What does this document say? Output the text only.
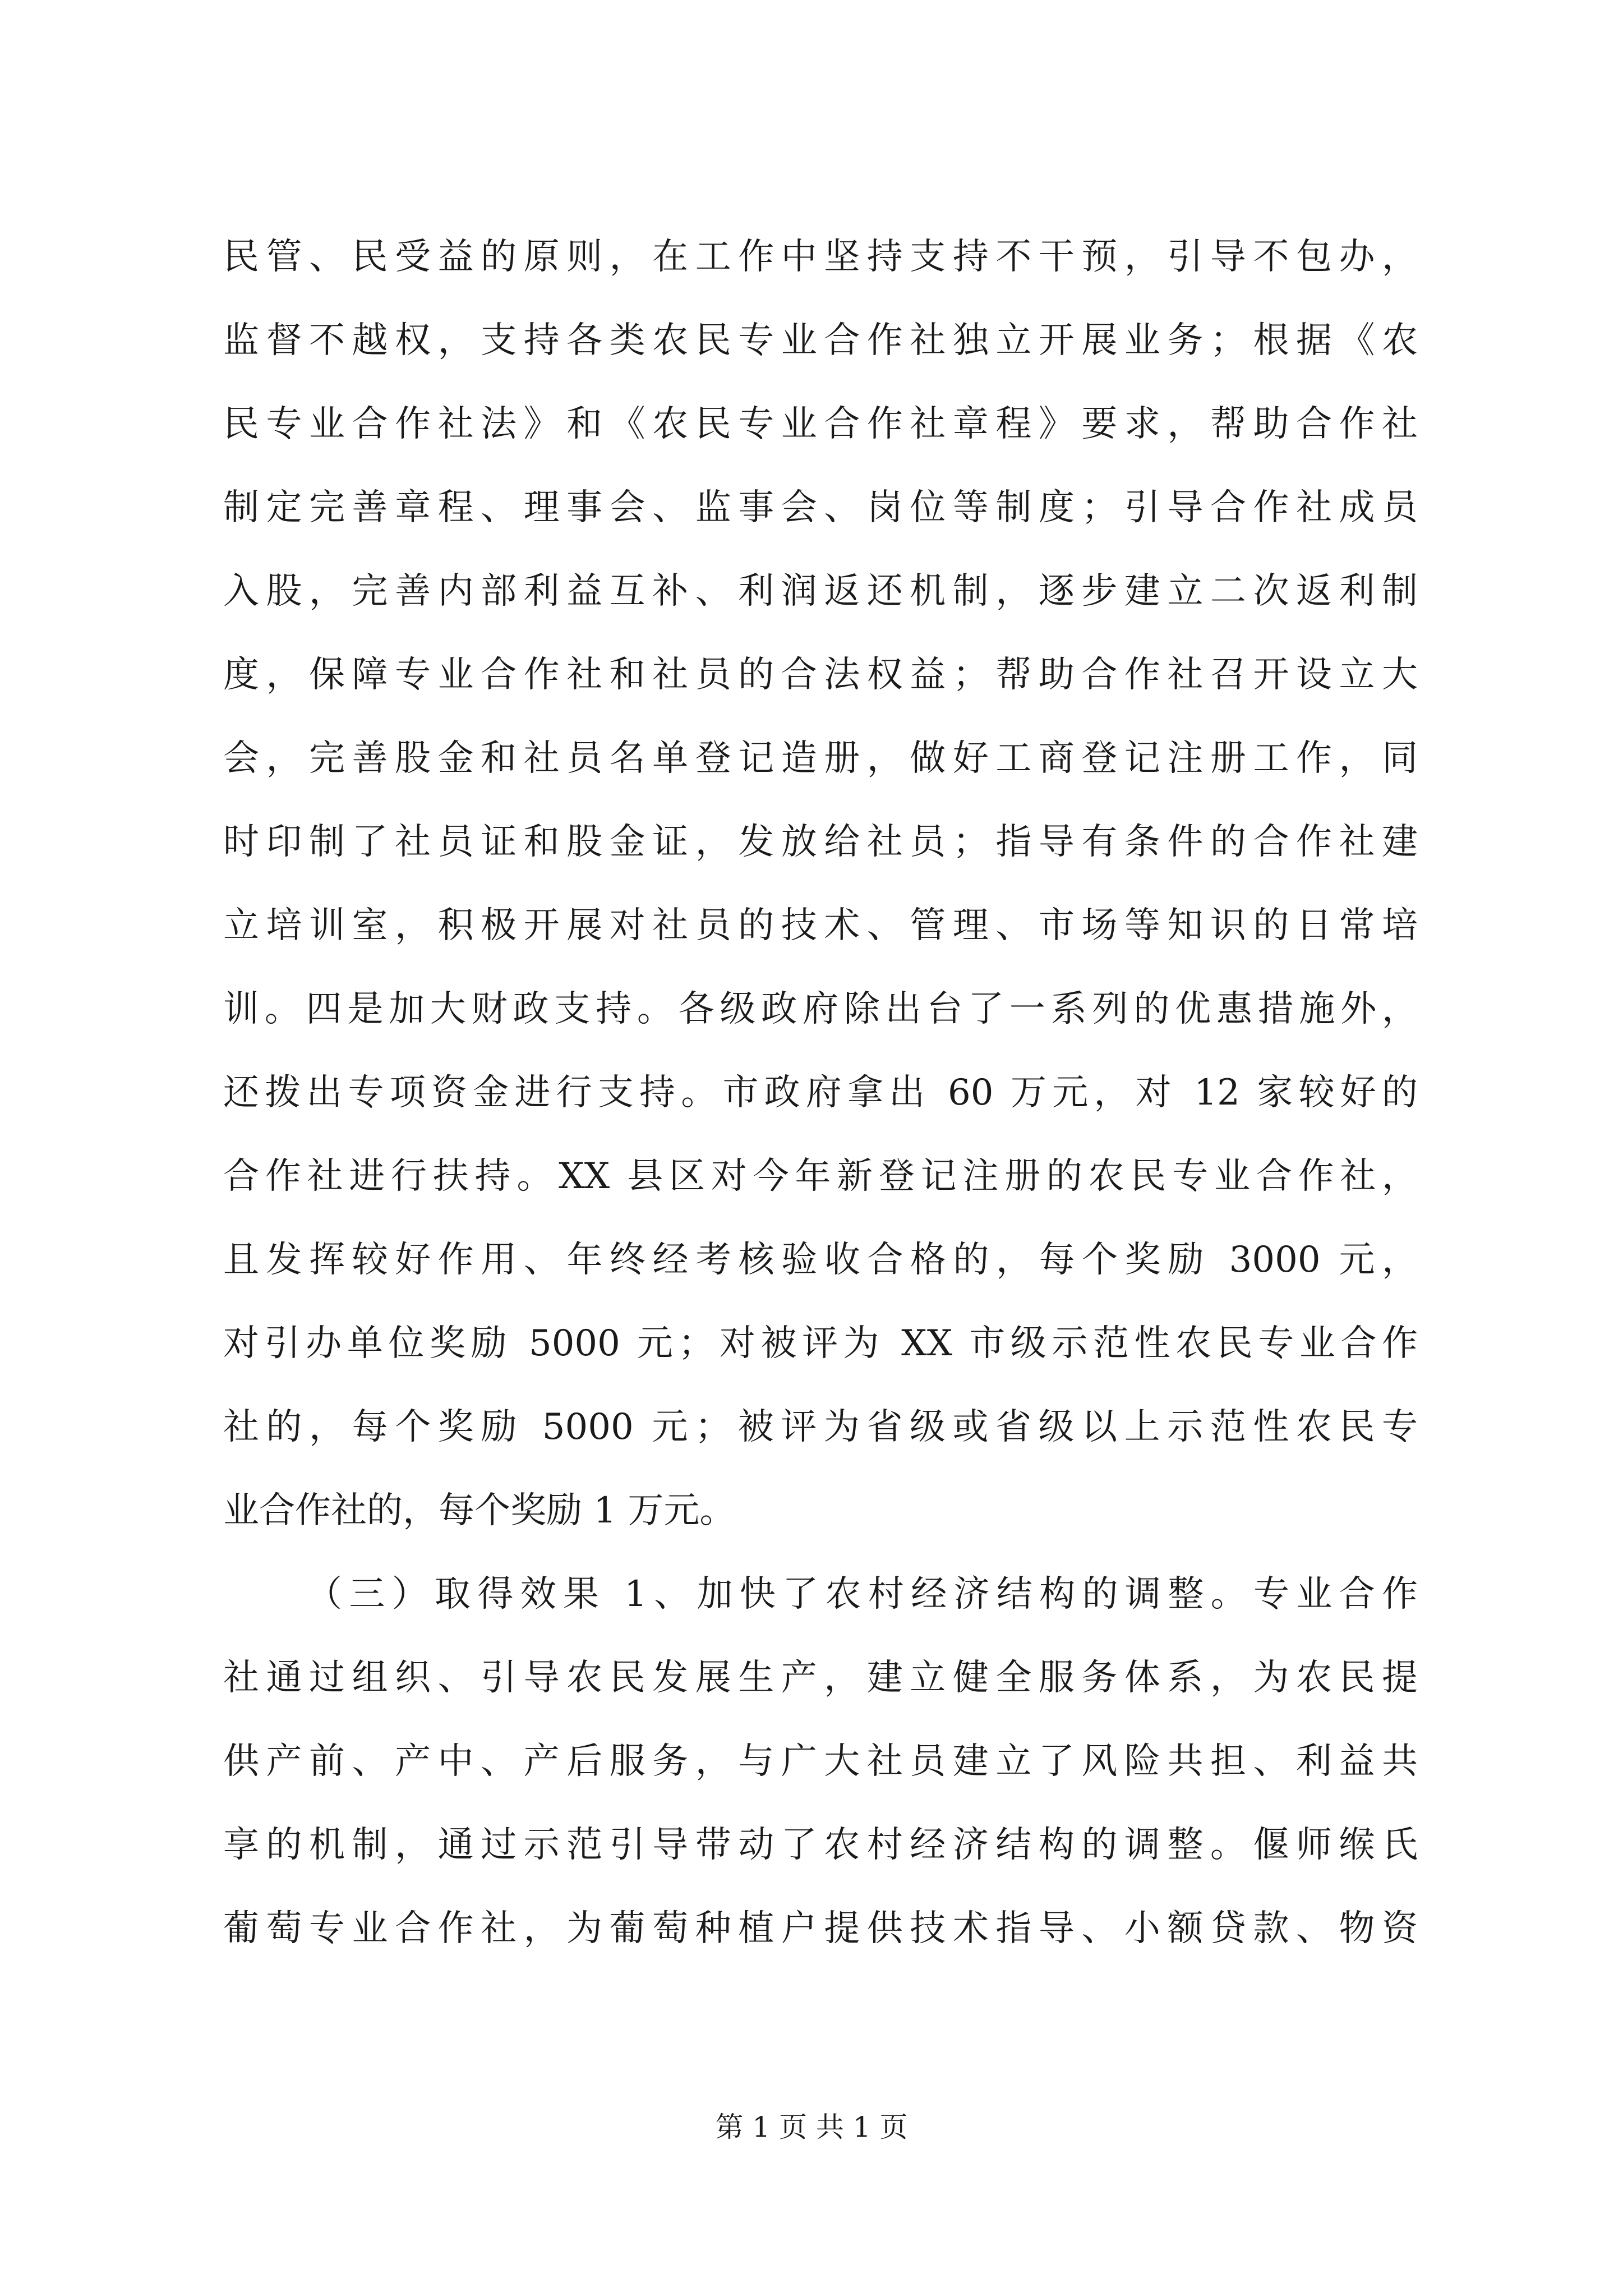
民管、民受益的原则，在工作中坚持支持不干预，引导不包办，
监督不越权，支持各类农民专业合作社独立开展业务；根据《农
民专业合作社法》和《农民专业合作社章程》要求，帮助合作社
制定完善章程、理事会、监事会、岗位等制度；引导合作社成员
入股，完善内部利益互补、利润返还机制，逐步建立二次返利制
度，保障专业合作社和社员的合法权益；帮助合作社召开设立大
会，完善股金和社员名单登记造册，做好工商登记注册工作，同
时印制了社员证和股金证，发放给社员；指导有条件的合作社建
立培训室，积极开展对社员的技术、管理、市场等知识的日常培
训。四是加大财政支持。各级政府除出台了一系列的优惠措施外，
还拨出专项资金进行支持。市政府拿出 60 万元，对 12 家较好的
合作社进行扶持。XX 县区对今年新登记注册的农民专业合作社，
且发挥较好作用、年终经考核验收合格的，每个奖励 3000 元，
对引办单位奖励 5000 元；对被评为 XX 市级示范性农民专业合作
社的，每个奖励 5000 元；被评为省级或省级以上示范性农民专
业合作社的，每个奖励 1 万元。
（三）取得效果 1、加快了农村经济结构的调整。专业合作
社通过组织、引导农民发展生产，建立健全服务体系，为农民提
供产前、产中、产后服务，与广大社员建立了风险共担、利益共
享的机制，通过示范引导带动了农村经济结构的调整。偃师缑氏
葡萄专业合作社，为葡萄种植户提供技术指导、小额贷款、物资
第 1 页 共 1 页
